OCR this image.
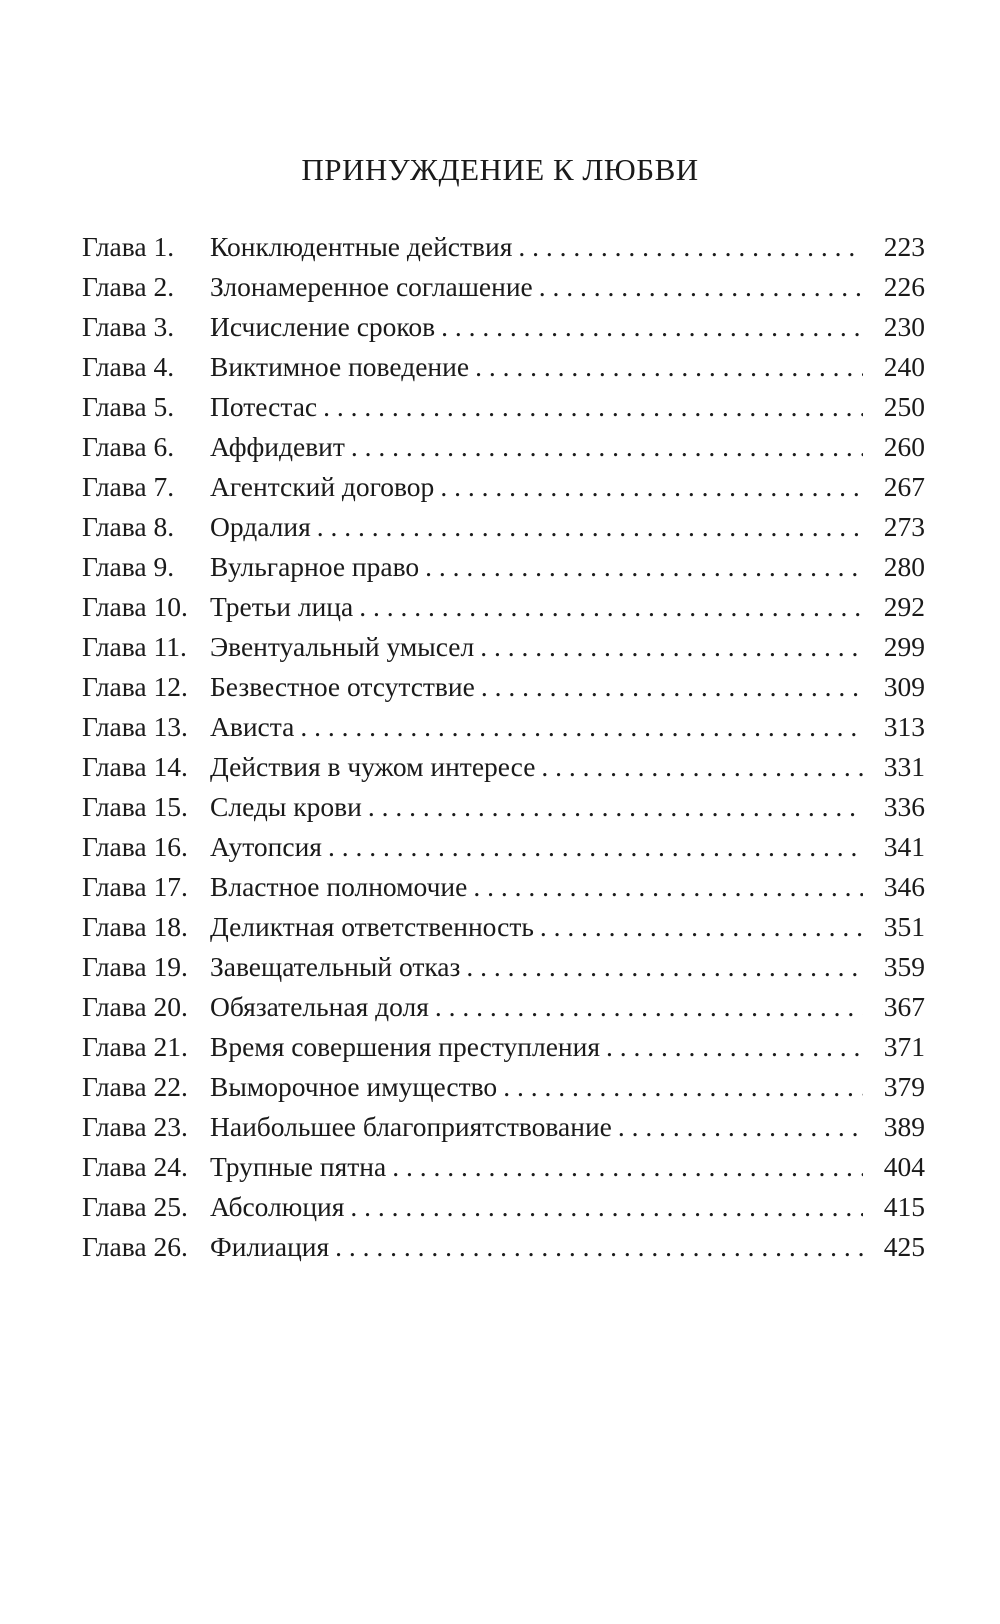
ПРИНУЖДЕНИЕ К ЛЮБВИ
Глава 1.	Конклюдентные действия . . .	223
Глава 2.	Злонамеренное соглашение . . .	226
Глава 3.	Исчисление сроков . . .	230
Глава 4.	Виктимное поведение . . .	240
Глава 5.	Потестас . . .	250
Глава 6.	Аффидевит . . .	260
Глава 7.	Агентский договор . . .	267
Глава 8.	Ордалия . . .	273
Глава 9.	Вульгарное право . . .	280
Глава 10. Третьи лица . . .	292
Глава 11. Эвентуальный умысел . . .	299
Глава 12. Безвестное отсутствие . . .	309
Глава 13. Ависта . . .	313
Глава 14. Действия в чужом интересе . . .	331
Глава 15. Следы крови . . .	336
Глава 16. Аутопсия . . .	341
Глава 17. Властное полномочие . . .	346
Глава 18. Деликтная ответственность . . .	351
Глава 19. Завещательный отказ . . .	359
Глава 20. Обязательная доля . . .	367
Глава 21. Время совершения преступления . . .	371
Глава 22. Выморочное имущество . . .	379
Глава 23. Наибольшее благоприятствование . . .	389
Глава 24. Трупные пятна . . .	404
Глава 25. Абсолюция . . .	415
Глава 26. Филиация . . .	425
